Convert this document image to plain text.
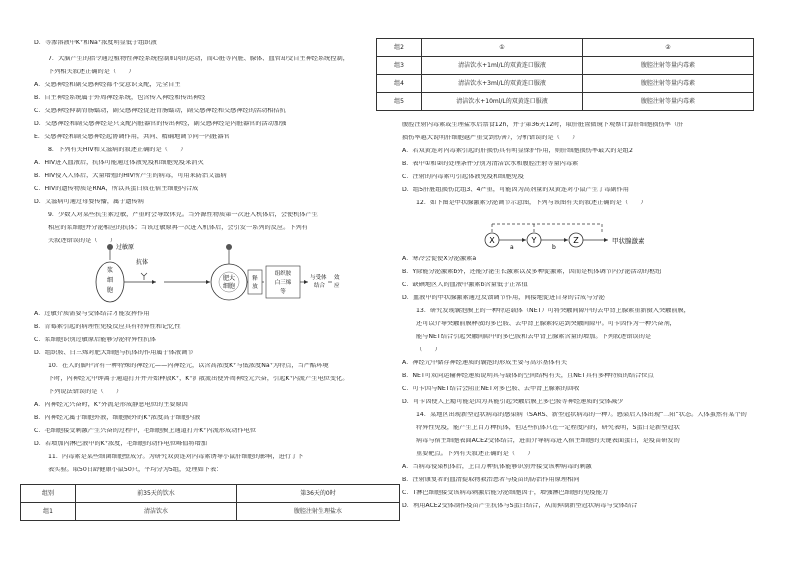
D．等渗溶液中K⁺和Na⁺浓度明显低于组织液
7．大脑产生的指令通过植物性神经系统控制肌肉的运动，而心脏等内脏、腺体、血管却受自主神经系统控制，
下列相关叙述正确的是（　　）
A．交感神经和副交感神经都不受意识支配，完全自主
B．自主神经系统属于外周神经系统，包含传入神经和传出神经
C．交感神经抑制胃肠蠕动，副交感神经促进胃肠蠕动，副交感神经和交感神经的活动相拮抗
D．交感神经和副交感神经是只支配内脏器官的传出神经，副交感神经是内脏器官的活动加强
E．交感神经和副交感神经起协调作用，共同、精确地调节同一内脏器官
8．下列有关HIV和艾滋病的叙述正确的是（　　）
A．HIV进入血液后，抗体可能通过体液免疫和细胞免疫来消灭
B．HIV侵入人体后，大量增殖的HIV所产生的病毒，可用来防治艾滋病
C．HIV的遗传物质是RNA，所以其蛋白质在宿主细胞内合成
D．艾滋病可通过母婴传播，属于遗传病
9．少数人对某些抗生素过敏，严重时会导致休克。当外源性物质第一次进入机体后，会使机体产生
相应的浆细胞并分泌相应的抗体；当该过敏原再一次进入机体后，会引发一系列的反应。下列有
关叙述错误的是（　　）
A．过敏介质需要与受体结合才能发挥作用
B．青霉素引起的病理性免疫反应具有特异性和记忆性
C．浆细胞识别过敏原后能够分泌特异性抗体
D．组织胺、白三烯对肥大细胞与抗体的作用属于体液调节
10．在人的脚中含有一种特殊的神经元——内神经元，以含高浓度K⁺与低浓度Na⁺为特点，当严酷环境
下时，内神经元中钾离子通道打开并开始释放K⁺，K⁺扩散流出使外周神经元兴奋，引起K⁺内流产生电位变化。
下列说法错误的是（　　）
A．内神经元兴奋时，K⁺外流是形成静息电位的主要原因
B．内神经元属于细胞外液，细胞膜外的K⁺浓度高于细胞内液
C．毛细胞接受刺激产生兴奋的过程中，毛细胞膜上通道打开K⁺内流形成动作电位
D．若增加内淋巴液中的K⁺浓度，毛细胞的动作电位峰值将增加
11．内毒素是某些细菌细胞壁成分。为研究双黄连对内毒素诱导小鼠肝细胞的影响，进行了下
表实验。取50日龄健康小鼠50只，平均分为5组，处理如下表：
过敏原
浆
细
胞
抗体
肥大
细胞
释
放
组织胺
白三烯
等
与受体
结合
效
应
组别	前35天的饮水	第36天的0时
组1	清洁饮水	腹腔注射生理盐水
组2	①	②
组3	清洁饮水+1ml/L的双黄连口服液	腹腔注射等量内毒素
组4	清洁饮水+3ml/L的双黄连口服液	腹腔注射等量内毒素
组5	清洁饮水+10ml/L的双黄连口服液	腹腔注射等量内毒素
腹腔注射内毒素或生理盐水后禁食12h，并于第36天12时，取肝脏置微镜下观察计算肝细胞损伤率（肝
损伤率越大说明肝细胞越严重受到伤害），分析错误的是（　　）
A．若双黄连对内毒素引起的肝损伤具有明显保护作用，则肝细胞损伤率最大的是组2
B．表中①和②的处理条件分别为清洁饮水和腹腔注射等量内毒素
C．注射的内毒素可引起体液免疫和细胞免疫
D．组5肝脏组损伤比组3、4严重，可能因为高剂量的双黄连对小鼠产生了毒副作用
12．如下图是甲状腺激素分泌调节示意图，下列与该图有关的叙述正确的是（　　）
A．寒冷会促使X分泌激素a
B．Y除能分泌激素b外，还能分泌生长激素以及多种促激素，因而是机体调节内分泌活动的枢纽
C．缺碘地区人的血液中激素b含量低于正常值
D．血液中的甲状腺激素通过反馈调节作用，间接地促进自身的合成与分泌
13．研究发现囊泡膜上的一种特运载体（NET）可将突触间隙中的去甲肾上腺素重新摄入突触前膜，
还可以介导突触前膜释放的多巴胺、去甲肾上腺素转运到突触间隙中。可卡因作为一种兴奋剂，
能与NET结合引起突触间隙中的多巴胺和去甲肾上腺素含量的增加。下列叙述错误的是
（　　）
A．神经元中储存神经递质的囊泡的形成主要与高尔基体有关
B．NET可双向运输神经递质说明其与载体的空间结构有关，且NET具有多种特质的结合位点
C．可卡因与NET结合会阻止NET对多巴胺、去甲肾上腺素的回收
D．可卡因使人上瘾可能是因为其能引起突触后膜上多巴胺等神经递质的受体减少
14．某地区出现新型冠状病毒的感染病（SARS、新型冠状病毒的一种）。感染后人体出现“二阳”状态。人体虽然有某个的
特异性免疫，能产生上百万种抗体，但这些抗体只在一定程度内的，研究表明，S蛋白是新型冠状
病毒与宿主细胞表面ACE2受体结合，进而介导病毒进入宿主细胞的关键表面蛋白，是疫苗研发的
重要靶点。下列有关叙述正确的是（　　）
A．当病毒侵染机体后，上百万种抗体能够识别并接受该种病毒的刺激
B．注射康复者的血清提取物救治患者与疫苗的防治作用原理相同
C．T淋巴细胞接受该病毒刺激后能分泌细胞因子，增强淋巴细胞的免疫能力
D．利用ACE2受体制作疫苗产生抗体与S蛋白结合，从而抑制新型冠状病毒与受体结合
X
a
Y
b
Z	甲状腺激素
